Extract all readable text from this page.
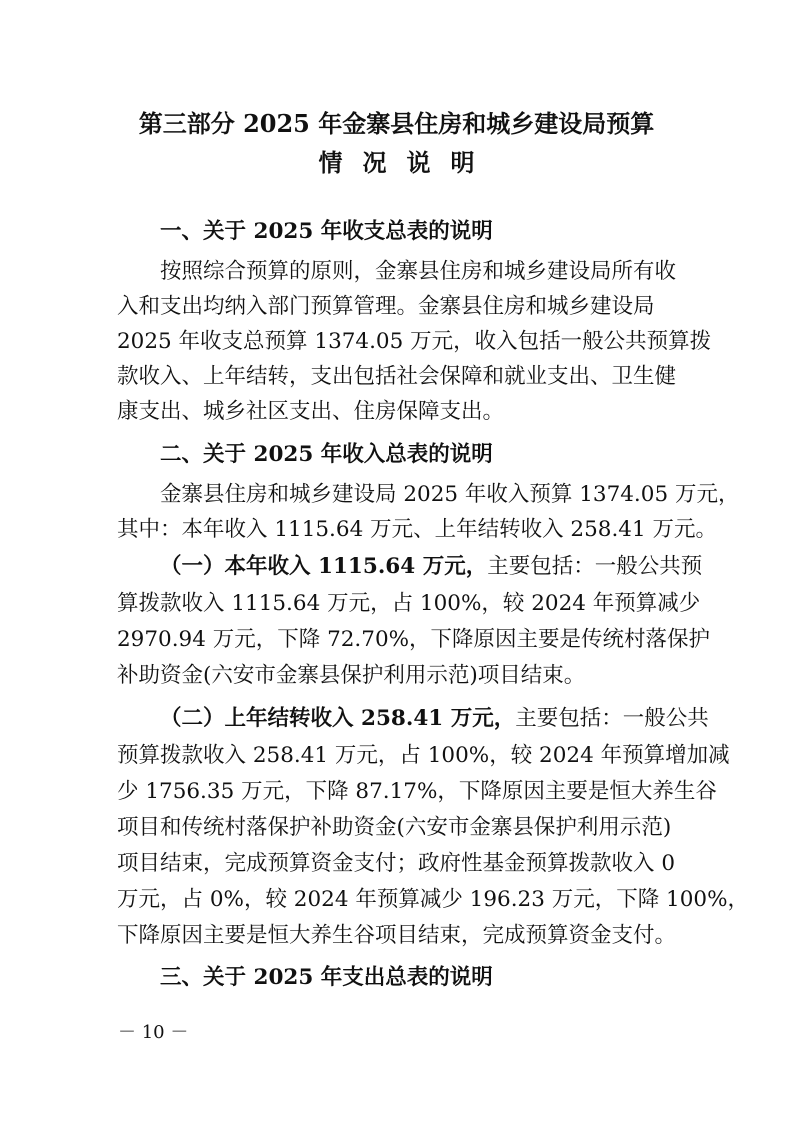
第三部分 2025 年金寨县住房和城乡建设局预算
情况说明
一、关于 2025 年收支总表的说明
按照综合预算的原则，金寨县住房和城乡建设局所有收
入和支出均纳入部门预算管理。金寨县住房和城乡建设局
2025 年收支总预算 1374.05 万元，收入包括一般公共预算拨
款收入、上年结转，支出包括社会保障和就业支出、卫生健
康支出、城乡社区支出、住房保障支出。
二、关于 2025 年收入总表的说明
金寨县住房和城乡建设局 2025 年收入预算 1374.05 万元，
其中：本年收入 1115.64 万元、上年结转收入 258.41 万元。
（一）本年收入 1115.64 万元，主要包括：一般公共预
算拨款收入 1115.64 万元，占 100%，较 2024 年预算减少
2970.94 万元，下降 72.70%，下降原因主要是传统村落保护
补助资金(六安市金寨县保护利用示范)项目结束。
（二）上年结转收入 258.41 万元，主要包括：一般公共
预算拨款收入 258.41 万元，占 100%，较 2024 年预算增加减
少 1756.35 万元，下降 87.17%，下降原因主要是恒大养生谷
项目和传统村落保护补助资金(六安市金寨县保护利用示范)
项目结束，完成预算资金支付；政府性基金预算拨款收入 0
万元，占 0%，较 2024 年预算减少 196.23 万元，下降 100%，
下降原因主要是恒大养生谷项目结束，完成预算资金支付。
三、关于 2025 年支出总表的说明
－ 10 －
